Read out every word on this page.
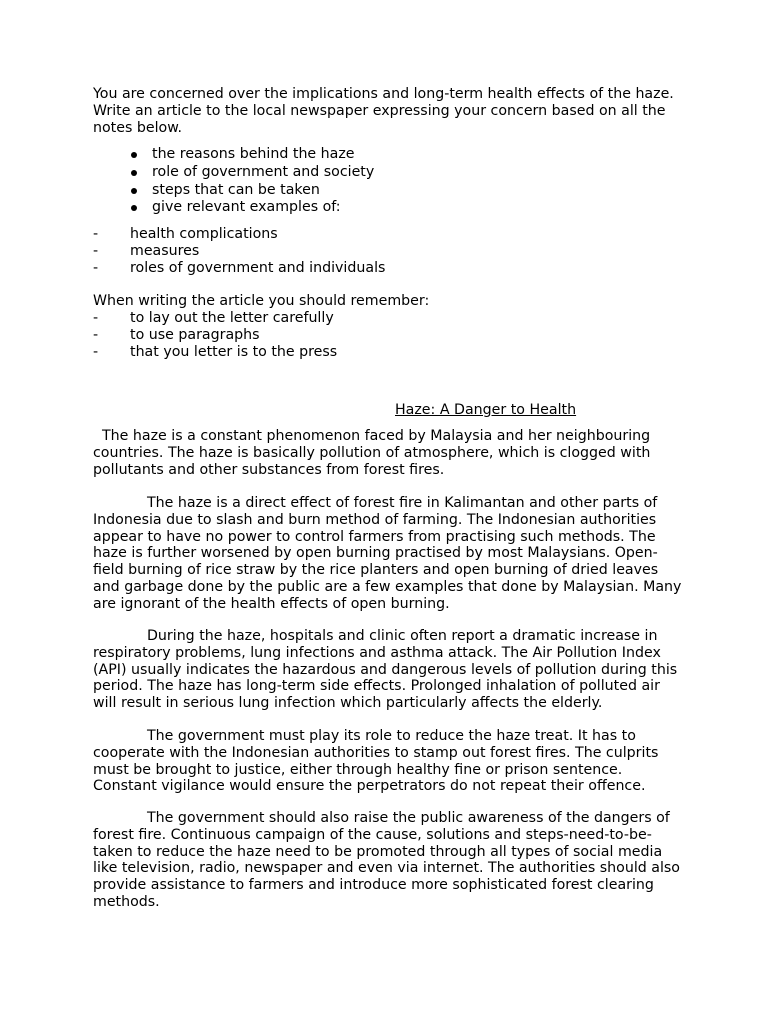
You are concerned over the implications and long-term health effects of the haze. Write an article to the local newspaper expressing your concern based on all the notes below.

the reasons behind the haze
role of government and society
steps that can be taken
give relevant examples of:
- health complications
- measures
- roles of government and individuals

When writing the article you should remember:

- to lay out the letter carefully
- to use paragraphs
- that you letter is to the press
Haze: A Danger to Health

The haze is a constant phenomenon faced by Malaysia and her neighbouring countries. The haze is basically pollution of atmosphere, which is clogged with pollutants and other substances from forest fires.

The haze is a direct effect of forest fire in Kalimantan and other parts of Indonesia due to slash and burn method of farming. The Indonesian authorities appear to have no power to control farmers from practising such methods. The haze is further worsened by open burning practised by most Malaysians. Open-field burning of rice straw by the rice planters and open burning of dried leaves and garbage done by the public are a few examples that done by Malaysian. Many are ignorant of the health effects of open burning.

During the haze, hospitals and clinic often report a dramatic increase in respiratory problems, lung infections and asthma attack. The Air Pollution Index (API) usually indicates the hazardous and dangerous levels of pollution during this period. The haze has long-term side effects. Prolonged inhalation of polluted air will result in serious lung infection which particularly affects the elderly.

The government must play its role to reduce the haze treat. It has to cooperate with the Indonesian authorities to stamp out forest fires. The culprits must be brought to justice, either through healthy fine or prison sentence. Constant vigilance would ensure the perpetrators do not repeat their offence.

The government should also raise the public awareness of the dangers of forest fire. Continuous campaign of the cause, solutions and steps-need-to-be-taken to reduce the haze need to be promoted through all types of social media like television, radio, newspaper and even via internet. The authorities should also provide assistance to farmers and introduce more sophisticated forest clearing methods.
